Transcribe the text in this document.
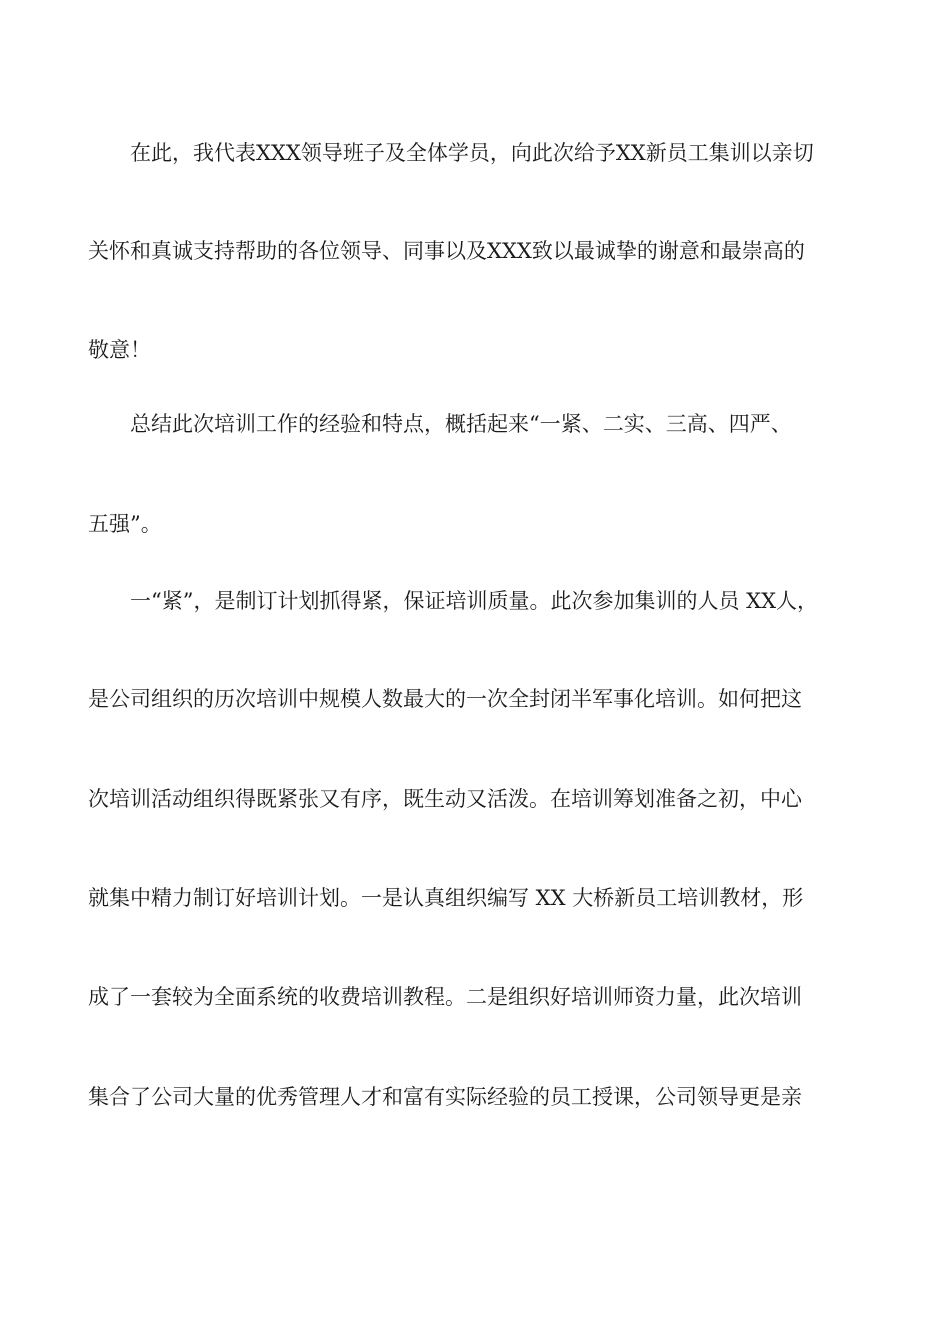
在此，我代表XXX领导班子及全体学员，向此次给予XX新员工集训以亲切
关怀和真诚支持帮助的各位领导、同事以及XXX致以最诚挚的谢意和最崇高的
敬意！
总结此次培训工作的经验和特点，概括起来“一紧、二实、三高、四严、
五强”。
一“紧”，是制订计划抓得紧，保证培训质量。此次参加集训的人员 XX人，
是公司组织的历次培训中规模人数最大的一次全封闭半军事化培训。如何把这
次培训活动组织得既紧张又有序，既生动又活泼。在培训筹划准备之初，中心
就集中精力制订好培训计划。一是认真组织编写 XX 大桥新员工培训教材，形
成了一套较为全面系统的收费培训教程。二是组织好培训师资力量，此次培训
集合了公司大量的优秀管理人才和富有实际经验的员工授课，公司领导更是亲
